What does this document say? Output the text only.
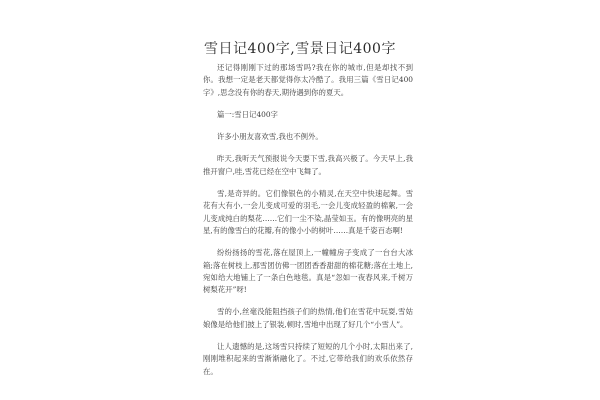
雪日记400字,雪景日记400字

还记得刚刚下过的那场雪吗?我在你的城市,但是却找不到你。我想一定是老天都觉得你太冷酷了。我用三篇《雪日记400字》,思念没有你的春天,期待遇到你的夏天。

篇一:雪日记400字

许多小朋友喜欢雪,我也不例外。

昨天,我听天气预报说今天要下雪,我高兴极了。今天早上,我推开窗户,哇,雪花已经在空中飞舞了。

雪,是奇异的。它们像银色的小精灵,在天空中快速起舞。雪花有大有小,一会儿变成可爱的羽毛,一会儿变成轻盈的棉絮,一会儿变成纯白的梨花……它们一尘不染,晶莹如玉。有的像明亮的星星,有的像雪白的花瓣,有的像小小的树叶……真是千姿百态啊!

纷纷扬扬的雪花,落在屋顶上,一幢幢房子变成了一台台大冰箱;落在树枝上,那雪团仿佛一团团香香甜甜的棉花糖;落在土地上,宛如给大地铺上了一条白色地毯。真是“忽如一夜春风来,千树万树梨花开”呀!

雪的小,丝毫没能阻挡孩子们的热情,他们在雪花中玩耍,雪姑娘像是给他们披上了银装,顿时,雪地中出现了好几个“小雪人”。

让人遗憾的是,这场雪只持续了短短的几个小时,太阳出来了,刚刚堆积起来的雪渐渐融化了。不过,它带给我们的欢乐依然存在。
